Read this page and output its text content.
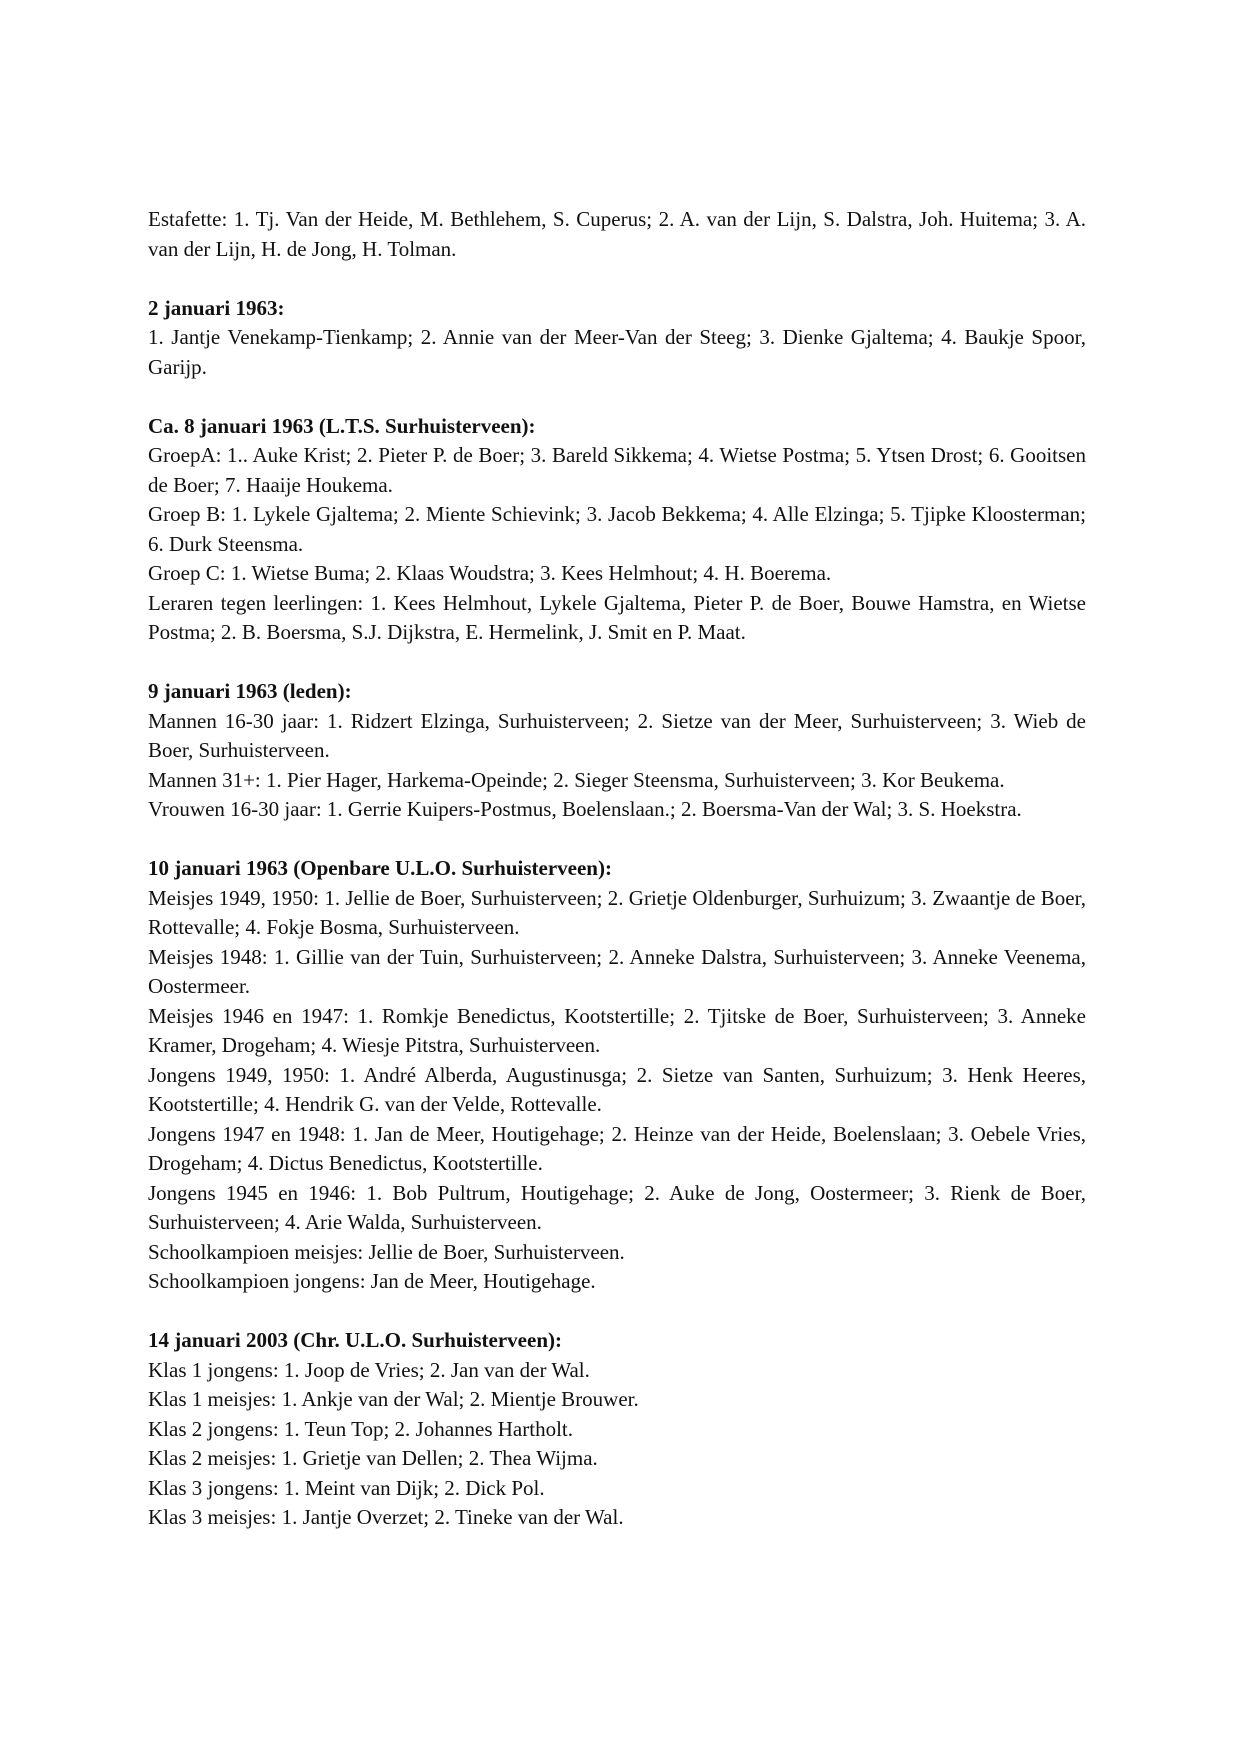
Estafette: 1. Tj. Van der Heide, M. Bethlehem, S. Cuperus; 2. A. van der Lijn, S. Dalstra, Joh. Huitema; 3. A. van der Lijn, H. de Jong, H. Tolman.
2 januari 1963:
1. Jantje Venekamp-Tienkamp; 2. Annie van der Meer-Van der Steeg; 3. Dienke Gjaltema; 4. Baukje Spoor, Garijp.
Ca. 8 januari 1963 (L.T.S. Surhuisterveen):
GroepA: 1.. Auke Krist; 2. Pieter P. de Boer; 3. Bareld Sikkema; 4. Wietse Postma; 5. Ytsen Drost; 6. Gooitsen de Boer; 7. Haaije Houkema.
Groep B: 1. Lykele Gjaltema; 2. Miente Schievink; 3. Jacob Bekkema; 4. Alle Elzinga; 5. Tjipke Kloosterman; 6. Durk Steensma.
Groep C: 1. Wietse Buma; 2. Klaas Woudstra; 3. Kees Helmhout; 4. H. Boerema.
Leraren tegen leerlingen: 1. Kees Helmhout, Lykele Gjaltema, Pieter P. de Boer, Bouwe Hamstra, en Wietse Postma; 2. B. Boersma, S.J. Dijkstra, E. Hermelink, J. Smit en P. Maat.
9 januari 1963 (leden):
Mannen 16-30 jaar: 1. Ridzert Elzinga, Surhuisterveen; 2. Sietze van der Meer, Surhuisterveen; 3. Wieb de Boer, Surhuisterveen.
Mannen 31+: 1. Pier Hager, Harkema-Opeinde; 2. Sieger Steensma, Surhuisterveen; 3. Kor Beukema.
Vrouwen 16-30 jaar: 1. Gerrie Kuipers-Postmus, Boelenslaan.; 2. Boersma-Van der Wal; 3. S. Hoekstra.
10 januari 1963 (Openbare U.L.O. Surhuisterveen):
Meisjes 1949, 1950: 1. Jellie de Boer, Surhuisterveen; 2. Grietje Oldenburger, Surhuizum; 3. Zwaantje de Boer, Rottevalle; 4. Fokje Bosma, Surhuisterveen.
Meisjes 1948: 1. Gillie van der Tuin, Surhuisterveen; 2. Anneke Dalstra, Surhuisterveen; 3. Anneke Veenema, Oostermeer.
Meisjes 1946 en 1947: 1. Romkje Benedictus, Kootstertille; 2. Tjitske de Boer, Surhuisterveen; 3. Anneke Kramer, Drogeham; 4. Wiesje Pitstra, Surhuisterveen.
Jongens 1949, 1950: 1. André Alberda, Augustinusga; 2. Sietze van Santen, Surhuizum; 3. Henk Heeres, Kootstertille; 4. Hendrik G. van der Velde, Rottevalle.
Jongens 1947 en 1948: 1. Jan de Meer, Houtigehage; 2. Heinze van der Heide, Boelenslaan; 3. Oebele Vries, Drogeham; 4. Dictus Benedictus, Kootstertille.
Jongens 1945 en 1946: 1. Bob Pultrum, Houtigehage; 2. Auke de Jong, Oostermeer; 3. Rienk de Boer, Surhuisterveen; 4. Arie Walda, Surhuisterveen.
Schoolkampioen meisjes: Jellie de Boer, Surhuisterveen.
Schoolkampioen jongens: Jan de Meer, Houtigehage.
14 januari 2003 (Chr. U.L.O. Surhuisterveen):
Klas 1 jongens: 1. Joop de Vries; 2. Jan van der Wal.
Klas 1 meisjes: 1. Ankje van der Wal; 2. Mientje Brouwer.
Klas 2 jongens: 1. Teun Top; 2. Johannes Hartholt.
Klas 2 meisjes: 1. Grietje van Dellen; 2. Thea Wijma.
Klas 3 jongens: 1. Meint van Dijk; 2. Dick Pol.
Klas 3 meisjes: 1. Jantje Overzet; 2. Tineke van der Wal.
